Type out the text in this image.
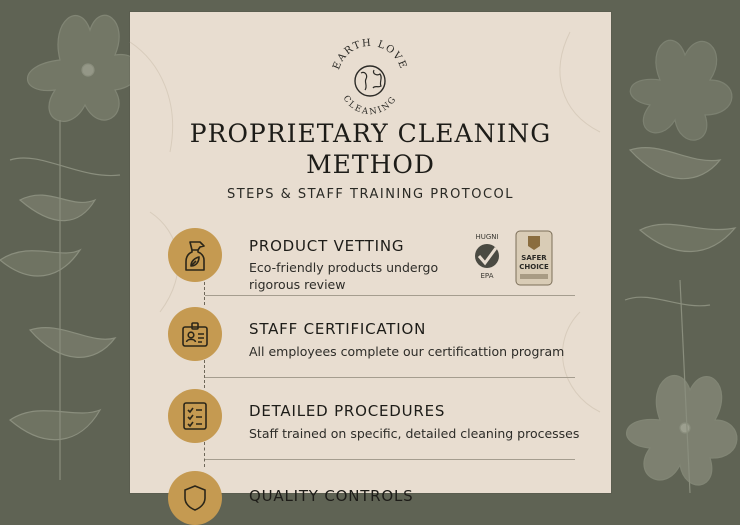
EARTH LOVE
CLEANING
PROPRIETARY CLEANING
METHOD
STEPS & STAFF TRAINING PROTOCOL
PRODUCT VETTING
Eco-friendly products undergo
rigorous review
HUGNI
EPA
SAFER
CHOICE
STAFF CERTIFICATION
All employees complete our certificattion program
DETAILED PROCEDURES
Staff trained on specific, detailed cleaning processes
QUALITY CONTROLS
